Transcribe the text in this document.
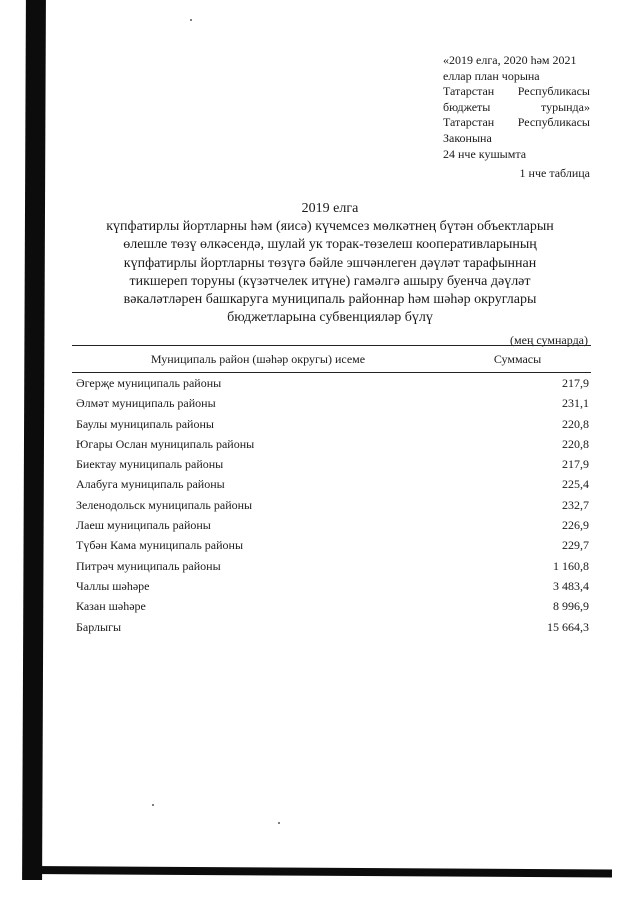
«2019 елга, 2020 һәм 2021
еллар план чорына
Татарстан Республикасы
бюджеты	турында»
Татарстан Республикасы
Законына
24 нче кушымта
1 нче таблица
2019 елга
күпфатирлы йортларны һәм (яисә) күчемсез мөлкәтнең бүтән объектларын
өлешле төзү өлкәсендә, шулай ук торак-төзелеш кооперативларының
күпфатирлы йортларны төзүгә бәйле эшчәнлеген дәүләт тарафыннан
тикшереп торуны (күзәтчелек итүне) гамәлгә ашыру буенча дәүләт
вәкаләтләрен башкаруга муниципаль районнар һәм шәһәр округлары
бюджетларына субвенцияләр бүлү
(мең сумнарда)
Муниципаль район (шәһәр округы) исеме	Суммасы
Әгерҗе муниципаль районы	217,9
Әлмәт муниципаль районы	231,1
Баулы муниципаль районы	220,8
Югары Ослан муниципаль районы	220,8
Биектау муниципаль районы	217,9
Алабуга муниципаль районы	225,4
Зеленодольск муниципаль районы	232,7
Лаеш муниципаль районы	226,9
Түбән Кама муниципаль районы	229,7
Питрәч муниципаль районы	1 160,8
Чаллы шәһәре	3 483,4
Казан шәһәре	8 996,9
Барлыгы	15 664,3
